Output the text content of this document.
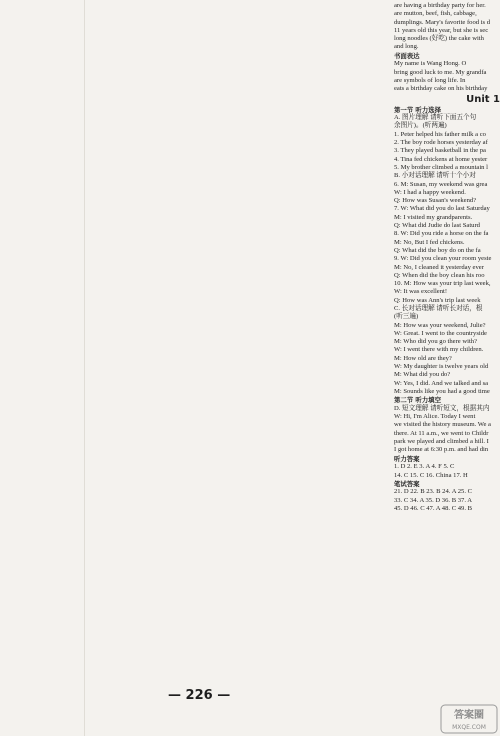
— 226 —
are having a birthday party for her.
are mutton, beef, fish, cabbage,
dumplings. Mary's favorite food is d
11 years old this year, but she is sec
long noodles (好吃) the cake with
and long.
书面表达
My name is Wang Hong. O
bring good luck to me. My grandfa
are symbols of long life. In
eats a birthday cake on his birthday
Unit 1
第一节 听力选择
A. 图片理解 请听下面五个句
余图片)。(听两遍)
1. Peter helped his father milk a co
2. The boy rode horses yesterday af
3. They played basketball in the pa
4. Tina fed chickens at home yester
5. My brother climbed a mountain l
B. 小对话理解 请听十个小对
6. M: Susan, my weekend was grea
W: I had a happy weekend.
Q: How was Susan's weekend?
7. W: What did you do last Saturday
M: I visited my grandparents.
Q: What did Judie do last Saturd
8. W: Did you ride a horse on the fa
M: No, But I fed chickens.
Q: What did the boy do on the fa
9. W: Did you clean your room yeste
M: No, I cleaned it yesterday ever
Q: When did the boy clean his roo
10. M: How was your trip last week,
W: It was excellent!
Q: How was Ann's trip last week
C. 长对话理解 请听长对话，根
(听三遍)
M: How was your weekend, Julie?
W: Great. I went to the countryside
M: Who did you go there with?
W: I went there with my children.
M: How old are they?
W: My daughter is twelve years old
M: What did you do?
W: Yes, I did. And we talked and sa
M: Sounds like you had a good time
第二节 听力填空
D. 短文理解 请听短文，根据其内
W: Hi, I'm Alice. Today I went
we visited the history museum. We a
there. At 11 a.m., we went to Childr
park we played and climbed a hill. I
I got home at 6:30 p.m. and had din
听力答案
1. D 2. E 3. A 4. F 5. C
14. C 15. C 16. China 17. H
笔试答案
21. D 22. B 23. B 24. A 25. C
33. C 34. A 35. D 36. B 37. A
45. D 46. C 47. A 48. C 49. B
答案圈
MXQE.COM
